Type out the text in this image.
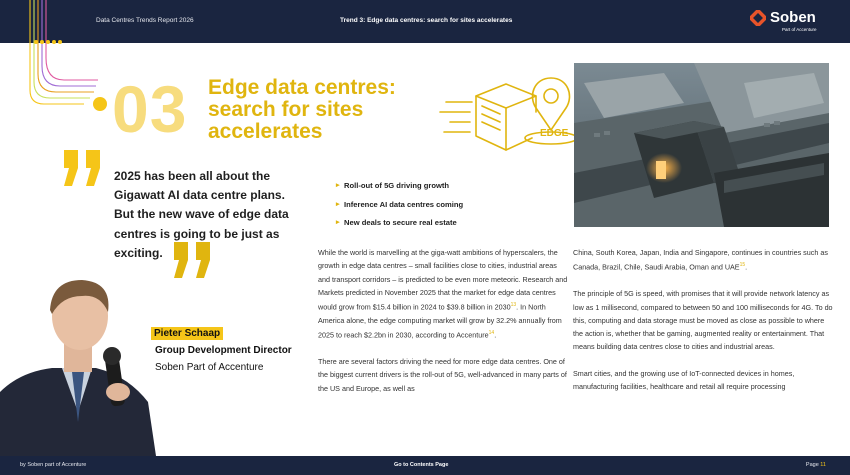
Data Centres Trends Report 2026	Trend 3: Edge data centres: search for sites accelerates	Soben
Part of Accenture
03 Edge data centres:
search for sites
accelerates	EDGE
2025 has been all about the Gigawatt AI data centre plans. But the new wave of edge data centres is going to be just as exciting.
Pieter Schaap
Group Development Director
Soben Part of Accenture
▸ Roll-out of 5G driving growth
▸ Inference AI data centres coming
▸ New deals to secure real estate

While the world is marvelling at the giga-watt ambitions of hyperscalers, the growth in edge data centres – small facilities close to cities, industrial areas and transport corridors – is predicted to be even more meteoric. Research and Markets predicted in November 2025 that the market for edge data centres would grow from $15.4 billion in 2024 to $39.8 billion in 2030$^{13}$. In North America alone, the edge computing market will grow by 32.2% annually from 2025 to reach $2.2bn in 2030, according to Accenture$^{14}$.

There are several factors driving the need for more edge data centres. One of the biggest current drivers is the roll-out of 5G, well-advanced in many parts of the US and Europe, as well as

China, South Korea, Japan, India and Singapore, continues in countries such as Canada, Brazil, Chile, Saudi Arabia, Oman and UAE$^{15}$.

The principle of 5G is speed, with promises that it will provide network latency as low as 1 millisecond, compared to between 50 and 100 milliseconds for 4G. To do this, computing and data storage must be moved as close as possible to where the action is, whether that be gaming, augmented reality or entertainment. That means building data centres close to cities and industrial areas.

Smart cities, and the growing use of IoT-connected devices in homes, manufacturing facilities, healthcare and retail all require processing

by Soben part of Accenture	Go to Contents Page	Page 11
